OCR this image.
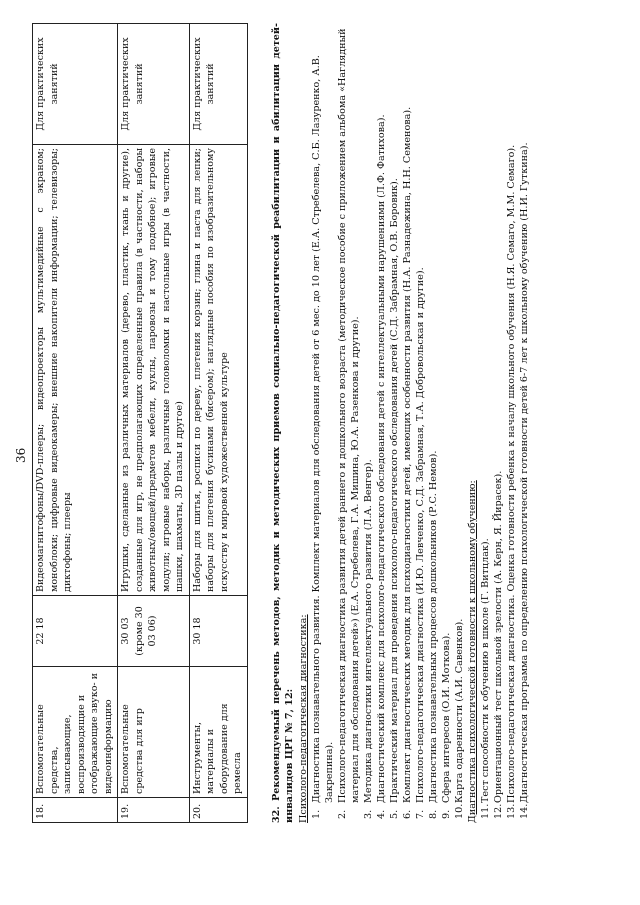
36
18.	Вспомогательные средства, записывающие, воспроизводящие и отображающие звуко- и видеоинформацию	22 18	Видеомагнитофоны/DVD-плееры; видеопроекторы мультимедийные с экраном; моноблоки; цифровые видеокамеры; внешние накопители информации; телевизоры; диктофоны; плееры	Для практических занятий
19.	Вспомогательные средства для игр	30 03 (кроме 30 03 06)	Игрушки, сделанные из различных материалов (дерево, пластик, ткань и другие), созданные для игр, не предполагающих определенные правила (в частности, наборы животных/овощей/предметов мебели, куклы, паровозы и тому подобное); игровые модули; игровые наборы, различные головоломки и настольные игры (в частности, шашки, шахматы, 3D пазлы и другое)	Для практических занятий
20.	Инструменты, материалы и оборудование для ремесла	30 18	Наборы для шитья, росписи по дереву, плетения корзин; глина и паста для лепки; наборы для плетения бусинами (бисером); наглядные пособия по изобразительному искусству и мировой художественной культуре	Для практических занятий	32. Рекомендуемый перечень методов, методик и методических приемов социально-педагогической реабилитации и абилитации детей-инвалидов ЦРГ № 7, 12: Психолого-педагогическая диагностика: 1.
Диагностика познавательного развития. Комплект материалов для обследования детей от 6 мес. до 10 лет (Е.А. Стребелева, С.Б. Лазуренко, А.В. Закрепина).
2.
Психолого-педагогическая диагностика развития детей раннего и дошкольного возраста (методическое пособие с приложением альбома «Наглядный материал для обследования детей») (Е.А. Стребелева, Г.А. Мишина, Ю.А. Разенкова и другие).
3.
Методика диагностики интеллектуального развития (Л.А. Венгер).
4.
Диагностический комплекс для психолого-педагогического обследования детей с интеллектуальными нарушениями (Л.Ф. Фатихова).
5.
Практический материал для проведения психолого-педагогического обследования детей (С.Д. Забрамная, О.В. Боровик).
6.
Комплект диагностических методик для психодиагностики детей, имеющих особенности развития (Н.А. Разнадежина, Н.Н. Семенова).
7.
Психолого-педагогическая диагностика (И.Ю. Левченко, С.Д. Забрамная, Т.А. Добровольская и другие).
8.
Диагностика познавательных процессов дошкольников (Р.С. Немов).
9.
Сфера интересов (О.И. Моткова).
10.
Карта одаренности (А.И. Савенков). Диагностика психологической готовности к школьному обучению: 11.
Тест способности к обучению в школе (Г. Витцлак).
12.
Ориентационный тест школьной зрелости (А. Керн, Я. Йирасек).
13.
Психолого-педагогическая диагностика. Оценка готовности ребенка к началу школьного обучения (Н.Я. Семаго, М.М. Семаго).
14.
Диагностическая программа по определению психологической готовности детей 6-7 лет к школьному обучению (Н.И. Гуткина).
